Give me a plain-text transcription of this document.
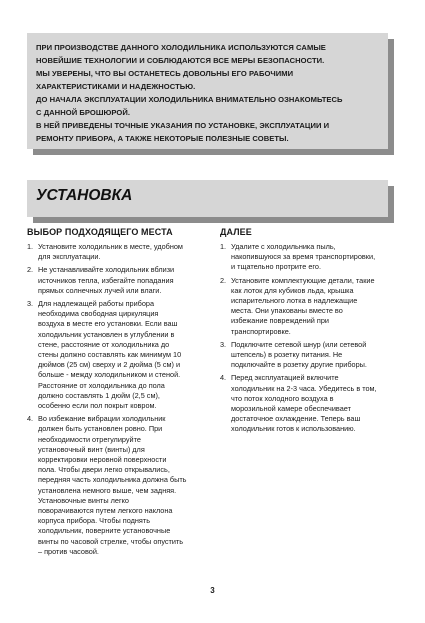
ПРИ ПРОИЗВОДСТВЕ ДАННОГО ХОЛОДИЛЬНИКА ИСПОЛЬЗУЮТСЯ САМЫЕ
НОВЕЙШИЕ ТЕХНОЛОГИИ И СОБЛЮДАЮТСЯ ВСЕ МЕРЫ БЕЗОПАСНОСТИ.
МЫ УВЕРЕНЫ, ЧТО ВЫ ОСТАНЕТЕСЬ ДОВОЛЬНЫ ЕГО РАБОЧИМИ
ХАРАКТЕРИСТИКАМИ И НАДЕЖНОСТЬЮ.

ДО НАЧАЛА ЭКСПЛУАТАЦИИ ХОЛОДИЛЬНИКА ВНИМАТЕЛЬНО ОЗНАКОМЬТЕСЬ
С ДАННОЙ БРОШЮРОЙ.

В НЕЙ ПРИВЕДЕНЫ ТОЧНЫЕ УКАЗАНИЯ ПО УСТАНОВКЕ, ЭКСПЛУАТАЦИИ И
РЕМОНТУ ПРИБОРА, А ТАКЖЕ НЕКОТОРЫЕ ПОЛЕЗНЫЕ СОВЕТЫ.

УСТАНОВКА
ВЫБОР ПОДХОДЯЩЕГО МЕСТА
1. Установите холодильник в месте, удобном
для эксплуатации.
2. Не устанавливайте холодильник вблизи
источников тепла, избегайте попадания
прямых солнечных лучей или влаги.
3. Для надлежащей работы прибора
необходима свободная циркуляция
воздуха в месте его установки. Если ваш
холодильник установлен в углублении в
стене, расстояние от холодильника до
стены должно составлять как минимум 10
дюймов (25 см) сверху и 2 дюйма (5 см) и
больше - между холодильником и стеной.
Расстояние от холодильника до пола
должно составлять 1 дюйм (2,5 см),
особенно если пол покрыт ковром.
4. Во избежание вибрации холодильник
должен быть установлен ровно. При
необходимости отрегулируйте
установочный винт (винты) для
корректировки неровной поверхности
пола. Чтобы двери легко открывались,
передняя часть холодильника должна быть
установлена немного выше, чем задняя.
Установочные винты легко
поворачиваются путем легкого наклона
корпуса прибора. Чтобы поднять
холодильник, поверните установочные
винты по часовой стрелке, чтобы опустить
– против часовой.
ДАЛЕЕ
1. Удалите с холодильника пыль,
накопившуюся за время транспортировки,
и тщательно протрите его.
2. Установите комплектующие детали, такие
как лоток для кубиков льда, крышка
испарительного лотка в надлежащие
места. Они упакованы вместе во
избежание повреждений при
транспортировке.
3. Подключите сетевой шнур (или сетевой
штепсель) в розетку питания. Не
подключайте в розетку другие приборы.
4. Перед эксплуатацией включите
холодильник на 2-3 часа. Убедитесь в том,
что поток холодного воздуха в
морозильной камере обеспечивает
достаточное охлаждение. Теперь ваш
холодильник готов к использованию.
3
